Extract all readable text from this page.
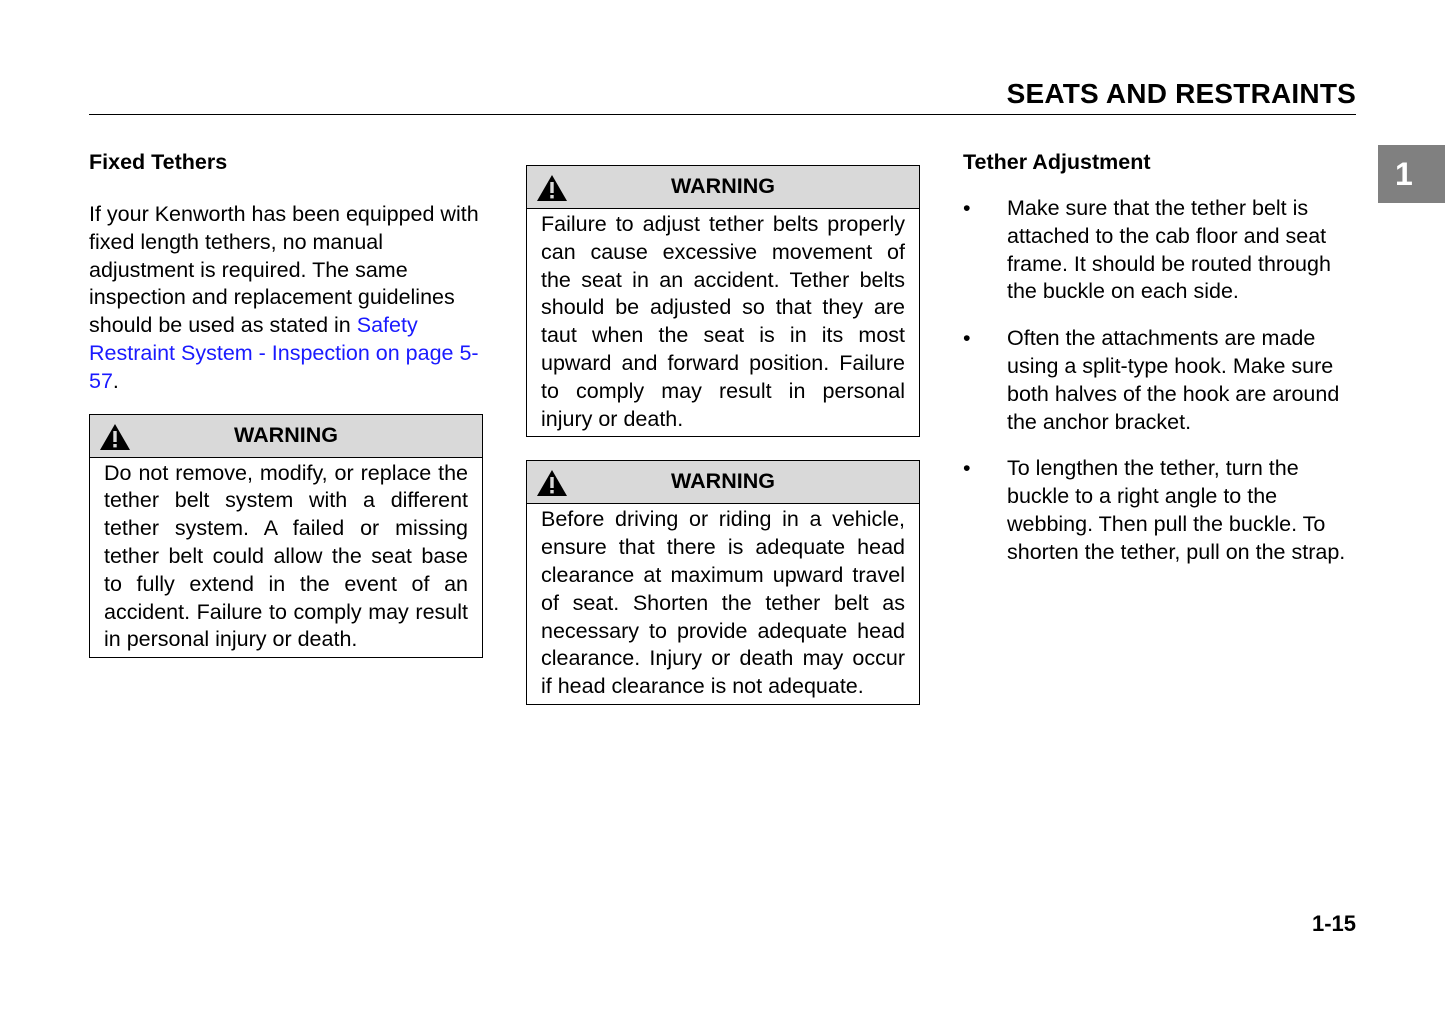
SEATS AND RESTRAINTS
1
Fixed Tethers

If your Kenworth has been equipped with fixed length tethers, no manual adjustment is required. The same inspection and replacement guidelines should be used as stated in Safety Restraint System - Inspection on page 5-57.

WARNING
Do not remove, modify, or replace the tether belt system with a different tether system. A failed or missing tether belt could allow the seat base to fully extend in the event of an accident. Failure to comply may result in personal injury or death.
WARNING
Failure to adjust tether belts properly can cause excessive movement of the seat in an accident. Tether belts should be adjusted so that they are taut when the seat is in its most upward and forward position. Failure to comply may result in personal injury or death.
WARNING
Before driving or riding in a vehicle, ensure that there is adequate head clearance at maximum upward travel of seat. Shorten the tether belt as necessary to provide adequate head clearance. Injury or death may occur if head clearance is not adequate.
Tether Adjustment
• Make sure that the tether belt is attached to the cab floor and seat frame. It should be routed through the buckle on each side.
• Often the attachments are made using a split-type hook. Make sure both halves of the hook are around the anchor bracket.
• To lengthen the tether, turn the buckle to a right angle to the webbing. Then pull the buckle. To shorten the tether, pull on the strap.
1-15
